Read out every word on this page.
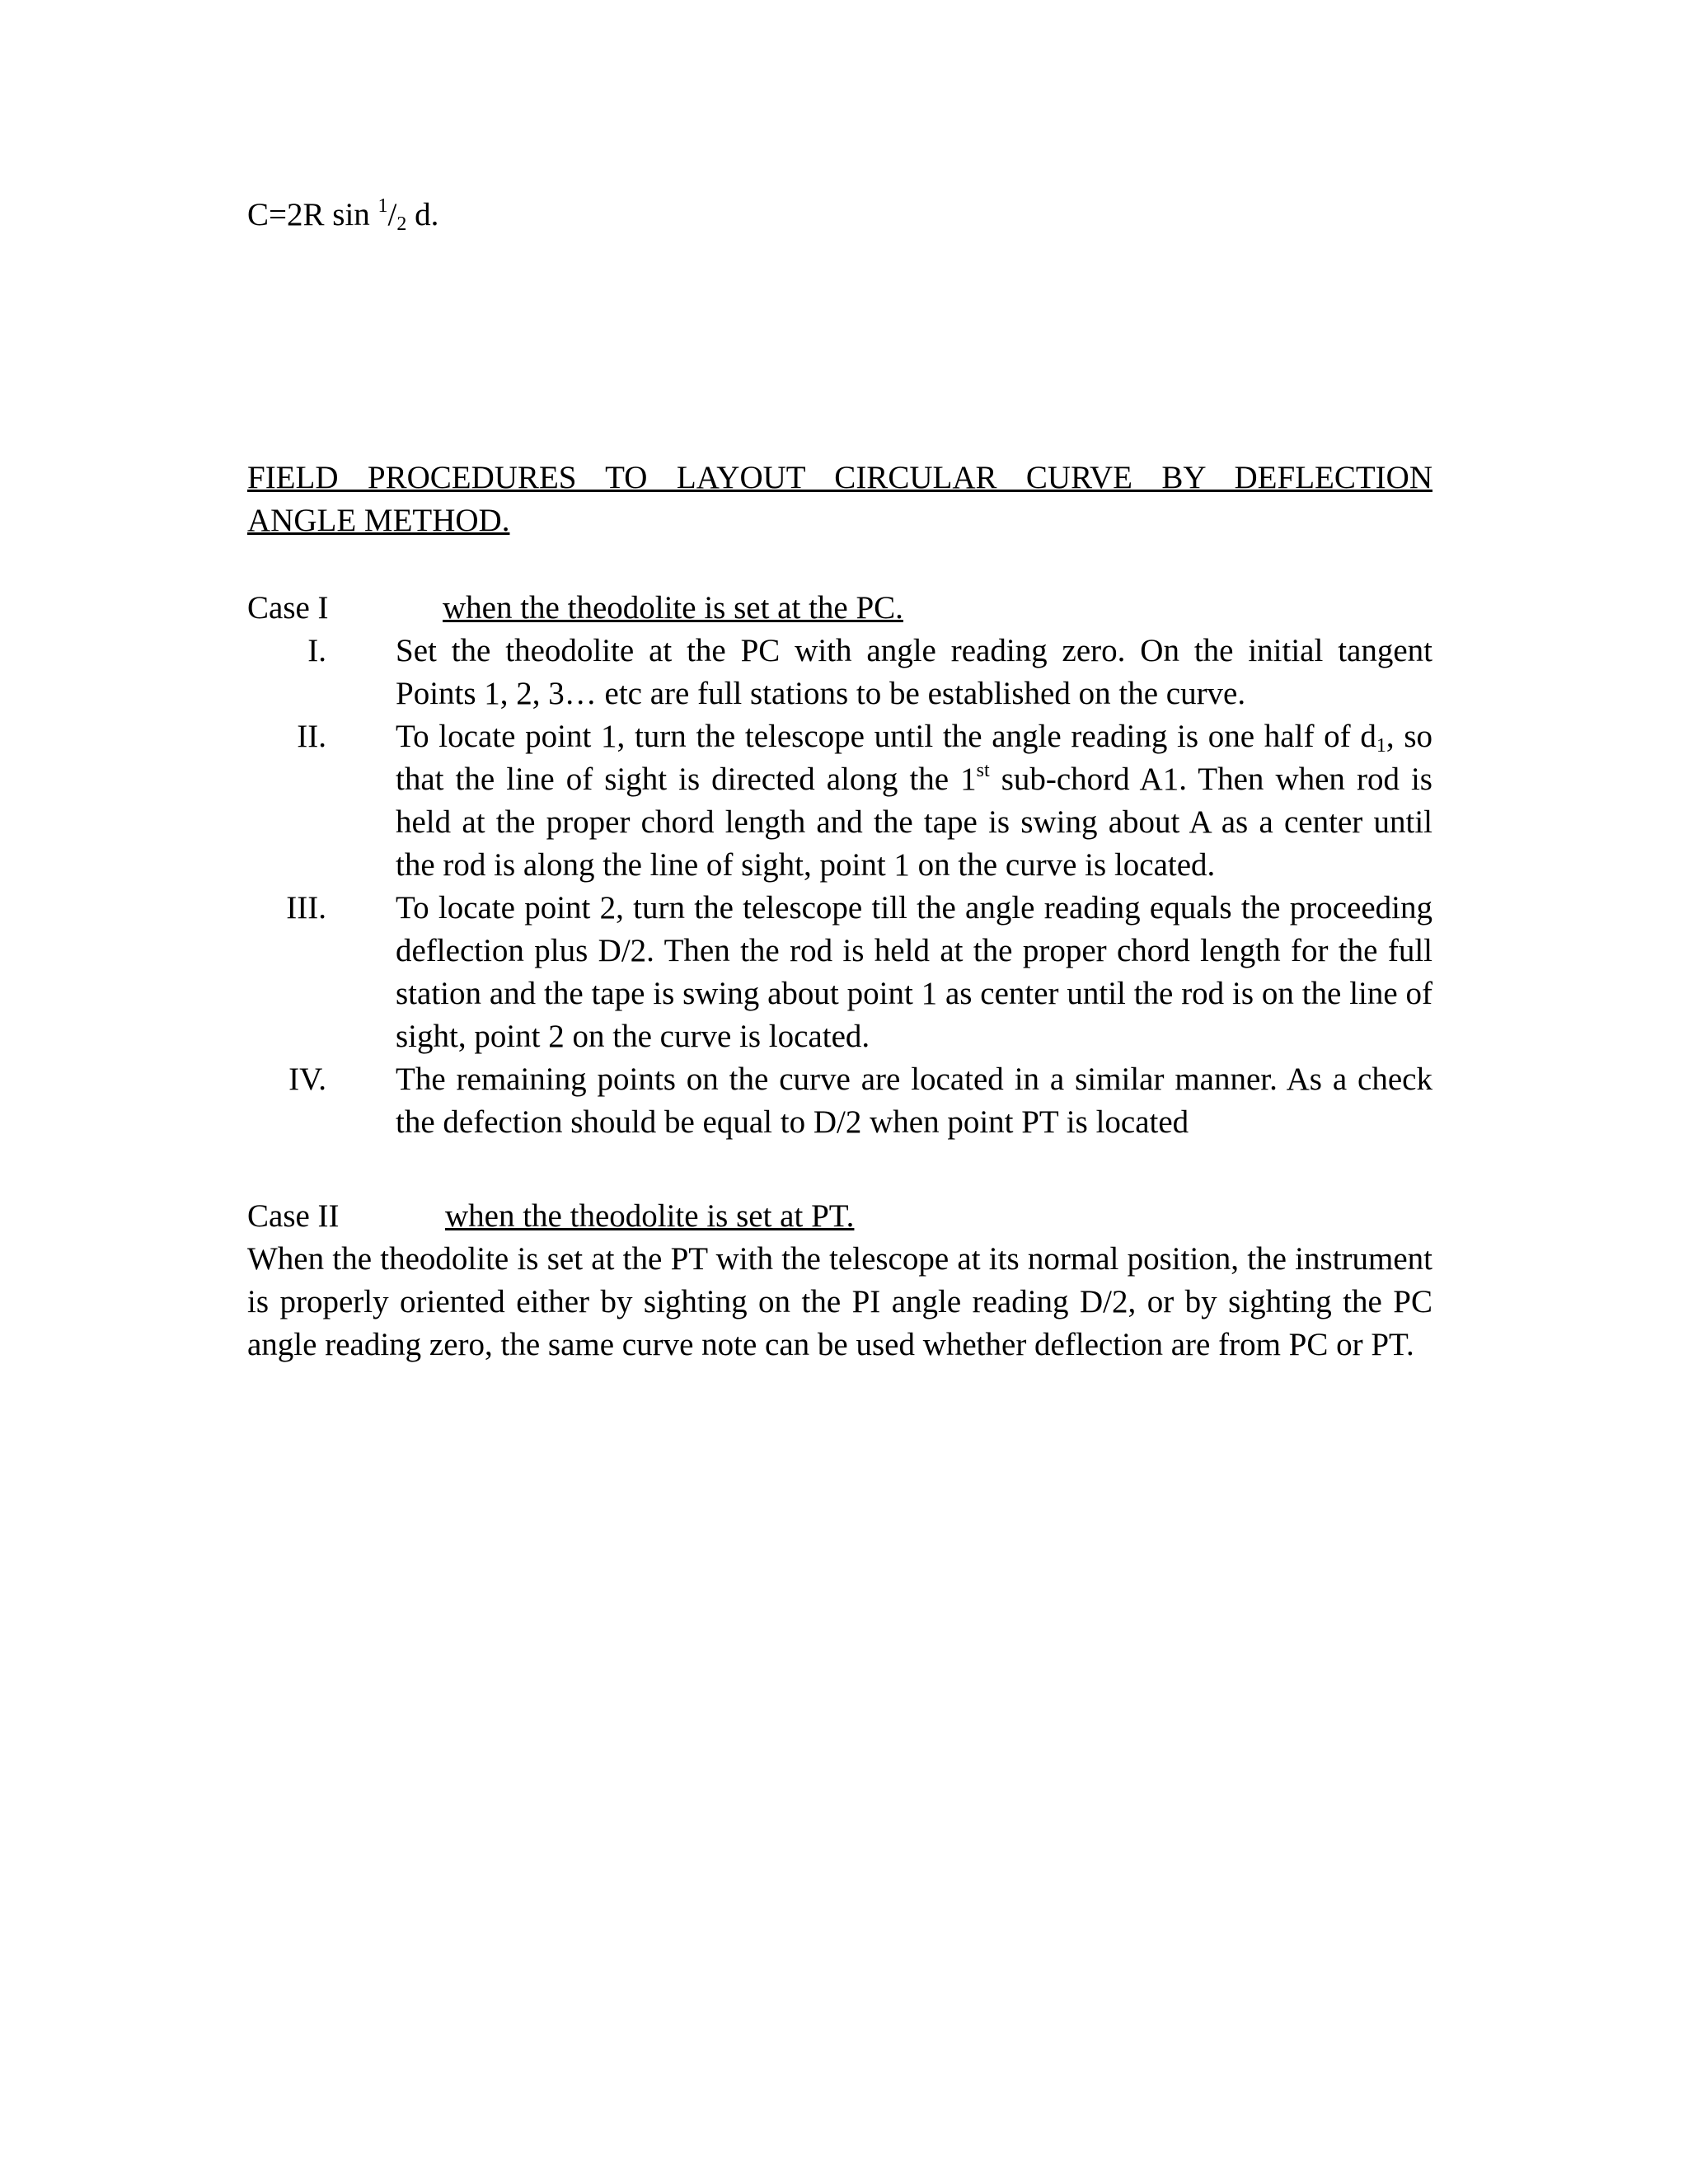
C=2R $\sin ^1/_2$ d.
FIELD PROCEDURES TO LAYOUT CIRCULAR CURVE BY DEFLECTION
ANGLE METHOD.
Case I	when the theodolite is set at the PC.
I. Set the theodolite at the PC with angle reading zero. On the initial tangent Points 1, 2, 3… etc are full stations to be established on the curve.
II. To locate point 1, turn the telescope until the angle reading is one half of $d_1$, so that the line of sight is directed along the 1st sub-chord A1. Then when rod is held at the proper chord length and the tape is swing about A as a center until the rod is along the line of sight, point 1 on the curve is located.
III. To locate point 2, turn the telescope till the angle reading equals the proceeding deflection plus D/2. Then the rod is held at the proper chord length for the full station and the tape is swing about point 1 as center until the rod is on the line of sight, point 2 on the curve is located.
IV. The remaining points on the curve are located in a similar manner. As a check the defection should be equal to D/2 when point PT is located
Case II	when the theodolite is set at PT.

When the theodolite is set at the PT with the telescope at its normal position, the instrument is properly oriented either by sighting on the PI angle reading D/2, or by sighting the PC angle reading zero, the same curve note can be used whether deflection are from PC or PT.
